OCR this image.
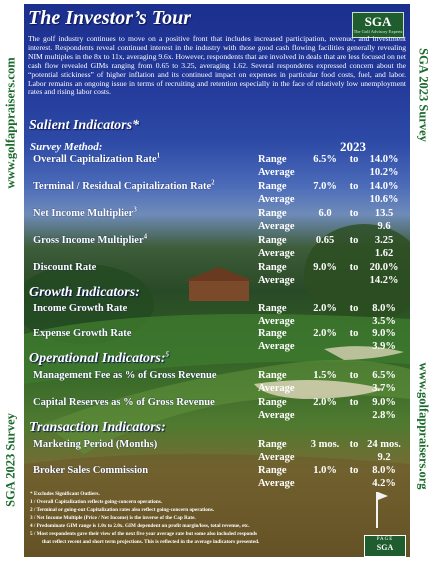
www.golfappraisers.com
SGA 2023 Survey
SGA 2023 Survey
www.golfappraisers.org
The Investor’s Tour	SGA
The Golf Advisory Experts
The golf industry continues to move on a positive front that includes increased participation, revenue, and investment interest. Respondents reveal continued interest in the industry with those good cash flowing facilities generally revealing NIM multiples in the 8x to 11x, averaging 9.6x. However, respondents that are involved in deals that are less focused on net cash flow revealed GIMs ranging from 0.65 to 3.25, averaging 1.62. Several respondents expressed concern about the “potential stickiness” of higher inflation and its continued impact on expenses in particular food costs, fuel, and labor. Labor remains an ongoing issue in terms of recruiting and retention especially in the face of relatively low unemployment rates and rising labor costs.
Salient Indicators*
Survey Method:	2023
Overall Capitalization Rate$^1$	Range	6.5%	to	14.0%
Average	10.2%
Terminal / Residual Capitalization Rate$^2$	Range	7.0%	to	14.0%
Average	10.6%
Net Income Multiplier$^3$	Range	6.0	to	13.5
Average	9.6
Gross Income Multiplier$^4$	Range	0.65	to	3.25
Average	1.62
Discount Rate	Range	9.0%	to	20.0%
Average	14.2%
Growth Indicators:
Income Growth Rate	Range	2.0%	to	8.0%
Average	3.5%
Expense Growth Rate	Range	2.0%	to	9.0%
Average	3.9%
Operational Indicators:$^5$
Management Fee as % of Gross Revenue	Range	1.5%	to	6.5%
Average	3.7%
Capital Reserves as % of Gross Revenue	Range	2.0%	to	9.0%
Average	2.8%
Transaction Indicators:
Marketing Period (Months)	Range	3 mos. to 24 mos.
Average	9.2
Broker Sales Commission	Range	1.0%	to	8.0%
Average	4.2%
* Excludes Significant Outliers.
1 / Overall Capitalization reflects going-concern operations.
2 / Terminal or going-out Capitalization rates also reflect going-concern operations.
3 / Net Income Multiple (Price / Net Income) is the inverse of the Cap Rate.
4 / Predominate GIM range is 1.0x to 2.0x. GIM dependent on profit margin/loss, total revenue, etc.
5 / Most respondents gave their view of the next five year average rate but some also included responds
that reflect recent and short term projections. This is reflected in the average indicators presented.	PAGE
SGA
